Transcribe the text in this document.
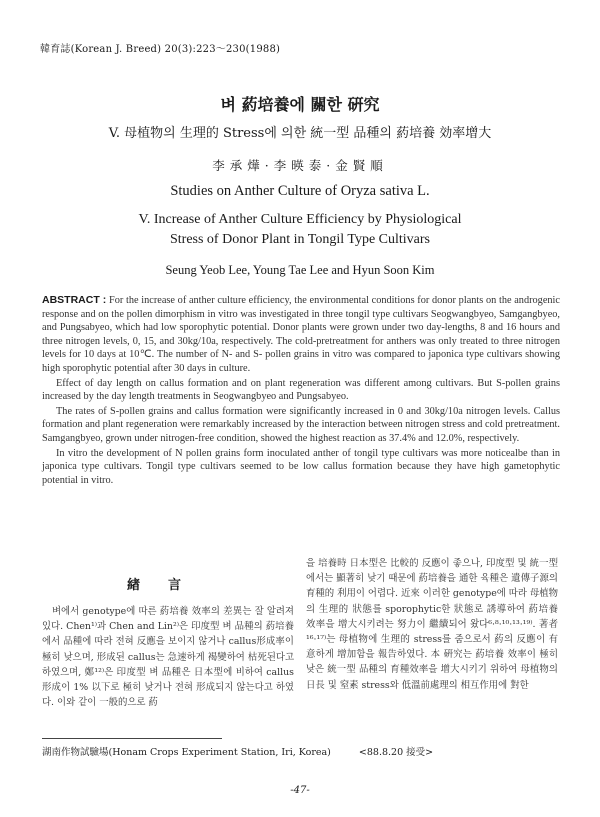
韓育誌(Korean J. Breed) 20(3):223～230(1988)
벼 葯培養에 關한 硏究
V. 母植物의 生理的 Stress에 의한 統一型 品種의 葯培養 効率增大
李承燁·李暎泰·金賢順
Studies on Anther Culture of Oryza sativa L.
V. Increase of Anther Culture Efficiency by Physiological
Stress of Donor Plant in Tongil Type Cultivars
Seung Yeob Lee, Young Tae Lee and Hyun Soon Kim

ABSTRACT : For the increase of anther culture efficiency, the environmental conditions for donor plants on the androgenic response and on the pollen dimorphism in vitro was investigated in three tongil type cultivars Seogwangbyeo, Samgangbyeo, and Pungsabyeo, which had low sporophytic potential. Donor plants were grown under two day-lengths, 8 and 16 hours and three nitrogen levels, 0, 15, and 30kg/10a, respectively. The cold-pretreatment for anthers was only treated to three nitrogen levels for 10 days at 10℃. The number of N- and S- pollen grains in vitro was compared to japonica type cultivars showing high sporophytic potential after 30 days in culture.

Effect of day length on callus formation and on plant regeneration was different among cultivars. But S-pollen grains increased by the day length treatments in Seogwangbyeo and Pungsabyeo.

The rates of S-pollen grains and callus formation were significantly increased in 0 and 30kg/10a nitrogen levels. Callus formation and plant regeneration were remarkably increased by the interaction between nitrogen stress and cold pretreatment. Samgangbyeo, grown under nitrogen-free condition, showed the highest reaction as 37.4% and 12.0%, respectively.

In vitro the development of N pollen grains form inoculated anther of tongil type cultivars was more noticealbe than in japonica type cultivars. Tongil type cultivars seemed to be low callus formation because they have high gametophytic potential in vitro.

緖言

벼에서 genotype에 따른 葯培養 效率의 差異는 잘 알려져 있다. Chen¹⁾과 Chen and Lin²⁾은 印度型 벼 品種의 葯培養에서 品種에 따라 전혀 反應을 보이지 않거나 callus形成率이 極히 낮으며, 形成된 callus는 急速하게 褐變하여 枯死된다고 하였으며, 鄭¹²⁾은 印度型 벼 品種은 日本型에 비하여 callus形成이 1% 以下로 極히 낮거나 전혀 形成되지 않는다고 하였다. 이와 같이 一般的으로 葯

을 培養時 日本型은 比較的 反應이 좋으나, 印度型 및 統一型에서는 顯著히 낮기 때문에 葯培養을 通한 육種은 遺傳子源의 育種的 利用이 어렵다. 近來 이러한 genotype에 따라 母植物의 生理的 狀態를 sporophytic한 狀態로 誘導하여 葯培養 效率을 增大시키려는 努力이 繼續되어 왔다⁶·⁸·¹⁰·¹³·¹⁹⁾. 著者¹⁶·¹⁷⁾는 母植物에 生理的 stress를 줌으로서 葯의 反應이 有意하게 增加함을 報告하였다. 本 硏究는 葯培養 效率이 極히 낮은 統一型 品種의 育種效率을 增大시키기 위하여 母植物의 日長 및 窒素 stress와 低溫前處理의 相互作用에 對한

湖南作物試驗場(Honam Crops Experiment Station, Iri, Korea)	<88.8.20 接受>
-47-
